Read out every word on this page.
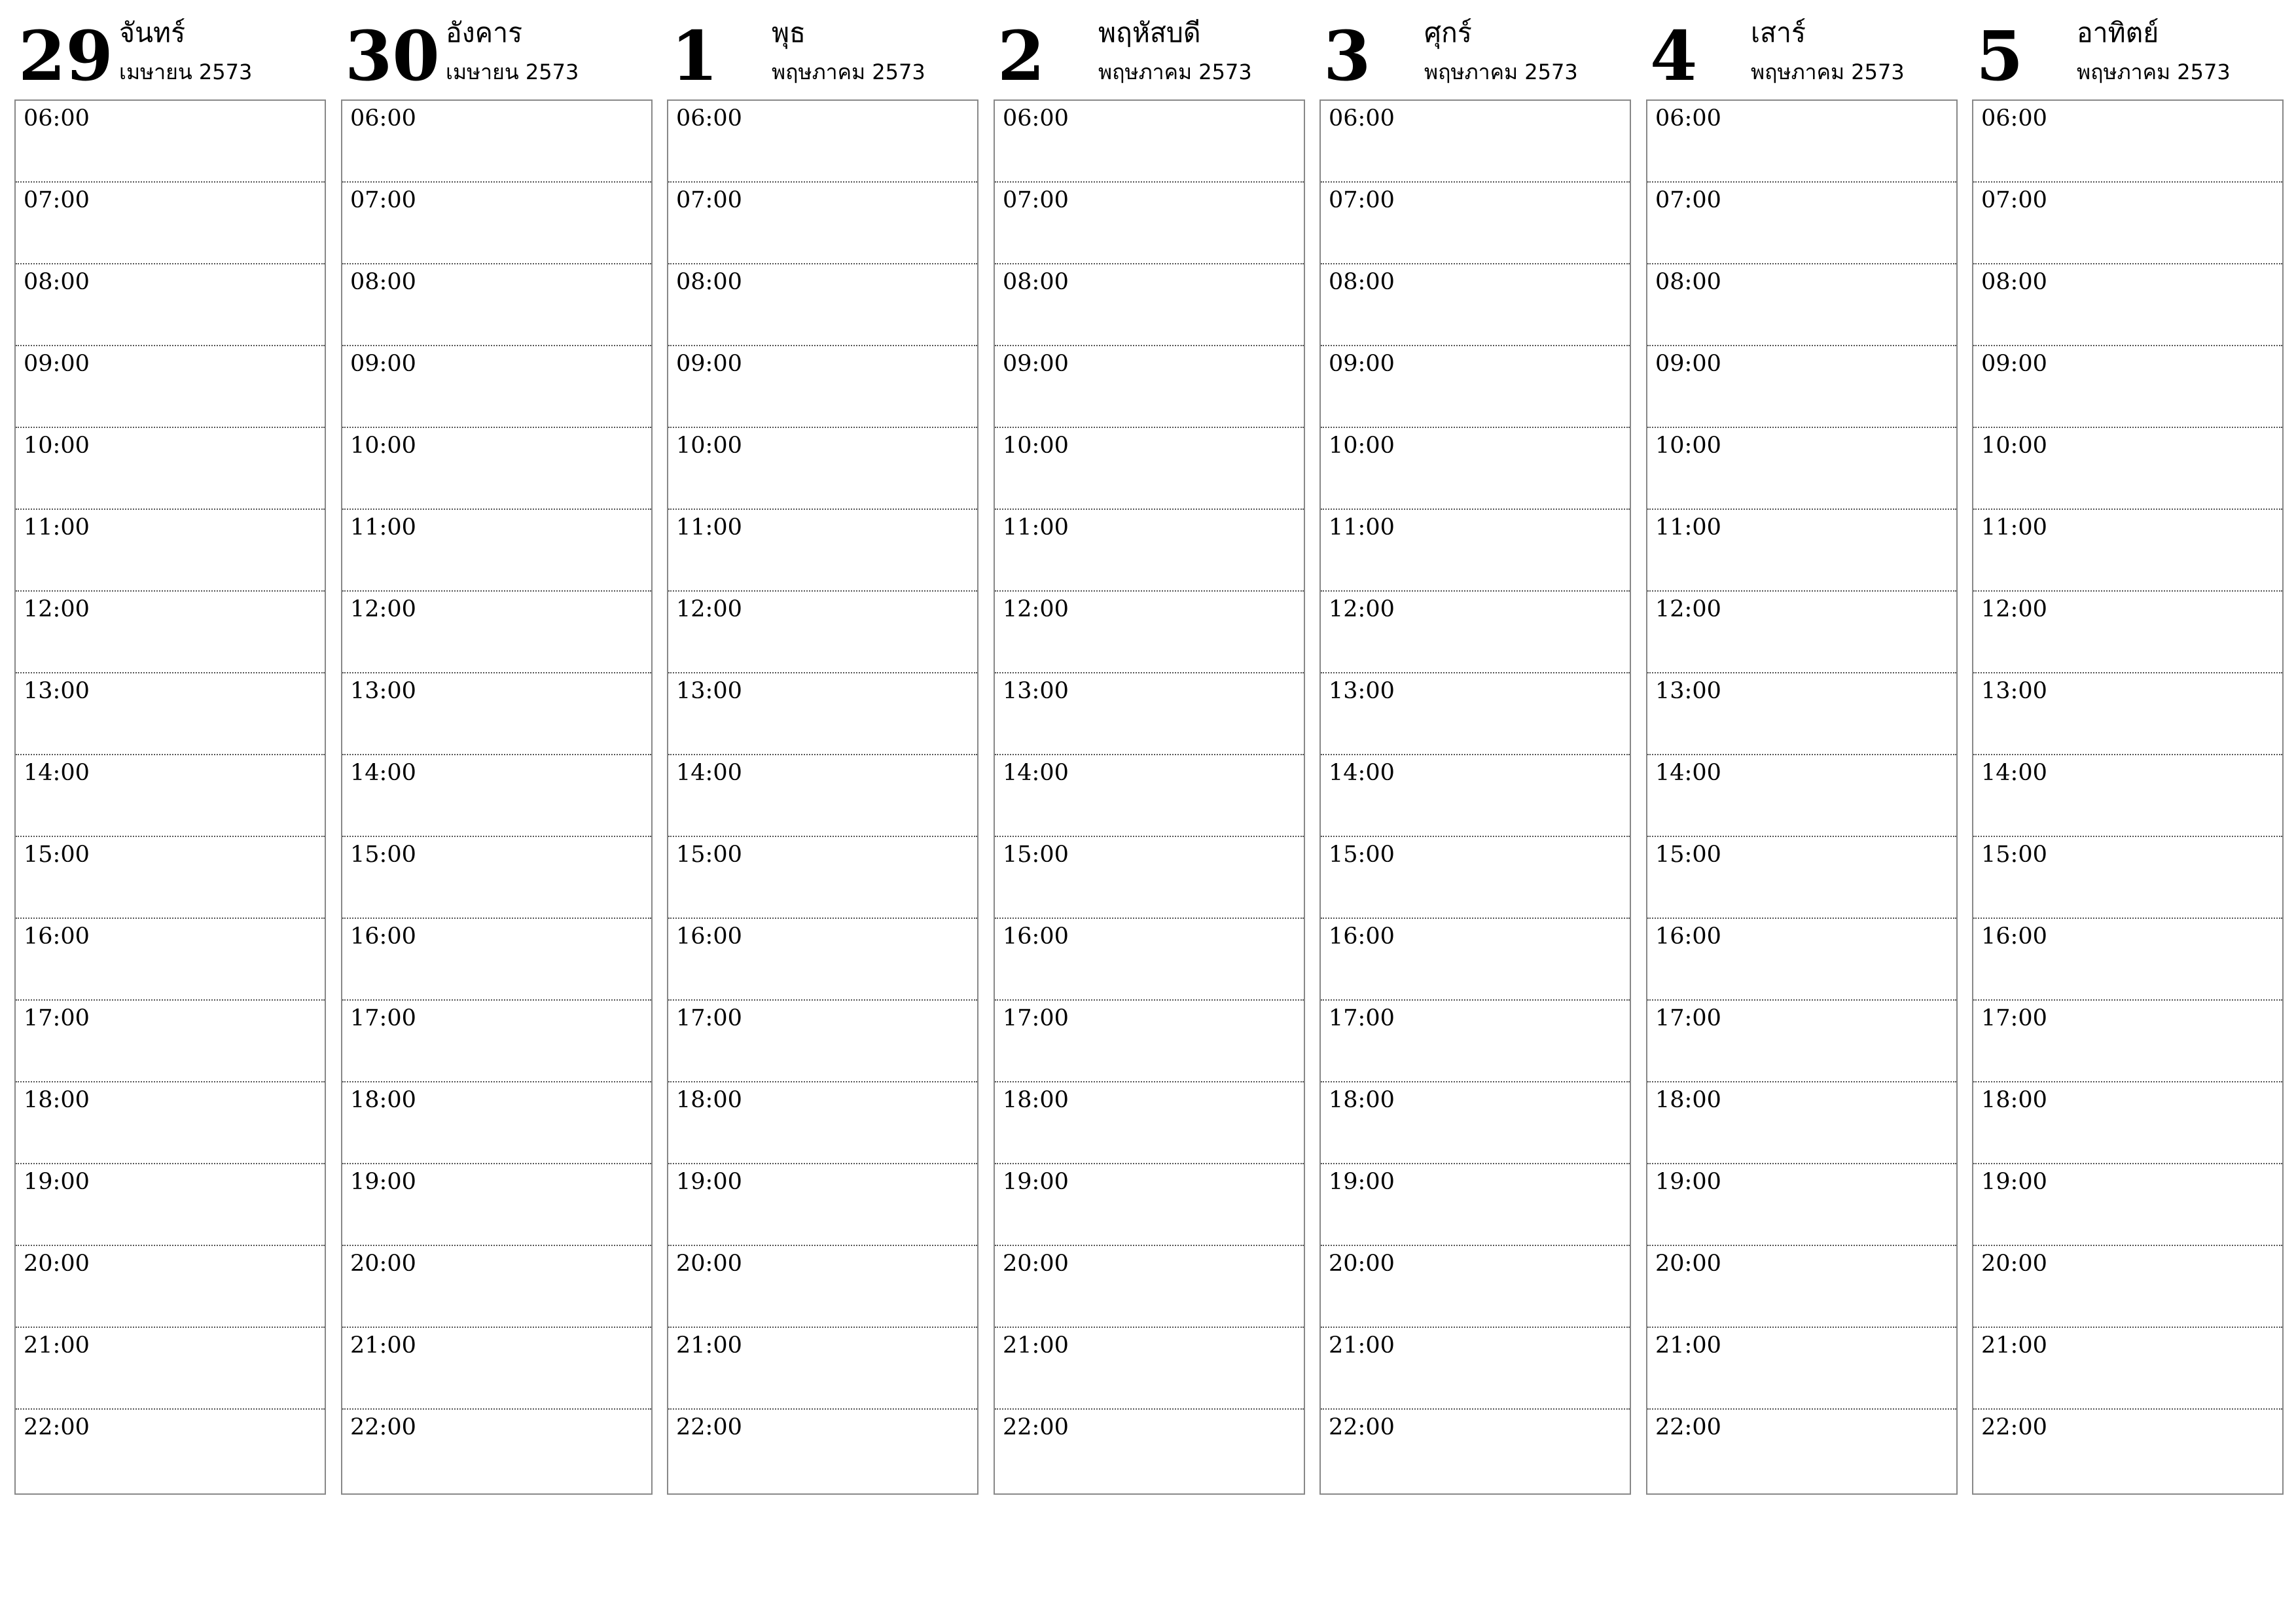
29 จันทร์
เมษายน 2573
06:00
07:00
08:00
09:00
10:00
11:00
12:00
13:00
14:00
15:00
16:00
17:00
18:00
19:00
20:00
21:00
22:00
30 อังคาร
เมษายน 2573
06:00
07:00
08:00
09:00
10:00
11:00
12:00
13:00
14:00
15:00
16:00
17:00
18:00
19:00
20:00
21:00
22:00
1 พุธ
พฤษภาคม 2573
06:00
07:00
08:00
09:00
10:00
11:00
12:00
13:00
14:00
15:00
16:00
17:00
18:00
19:00
20:00
21:00
22:00
2 พฤหัสบดี
พฤษภาคม 2573
06:00
07:00
08:00
09:00
10:00
11:00
12:00
13:00
14:00
15:00
16:00
17:00
18:00
19:00
20:00
21:00
22:00
3 ศุกร์
พฤษภาคม 2573
06:00
07:00
08:00
09:00
10:00
11:00
12:00
13:00
14:00
15:00
16:00
17:00
18:00
19:00
20:00
21:00
22:00
4 เสาร์
พฤษภาคม 2573
06:00
07:00
08:00
09:00
10:00
11:00
12:00
13:00
14:00
15:00
16:00
17:00
18:00
19:00
20:00
21:00
22:00
5 อาทิตย์
พฤษภาคม 2573
06:00
07:00
08:00
09:00
10:00
11:00
12:00
13:00
14:00
15:00
16:00
17:00
18:00
19:00
20:00
21:00
22:00
